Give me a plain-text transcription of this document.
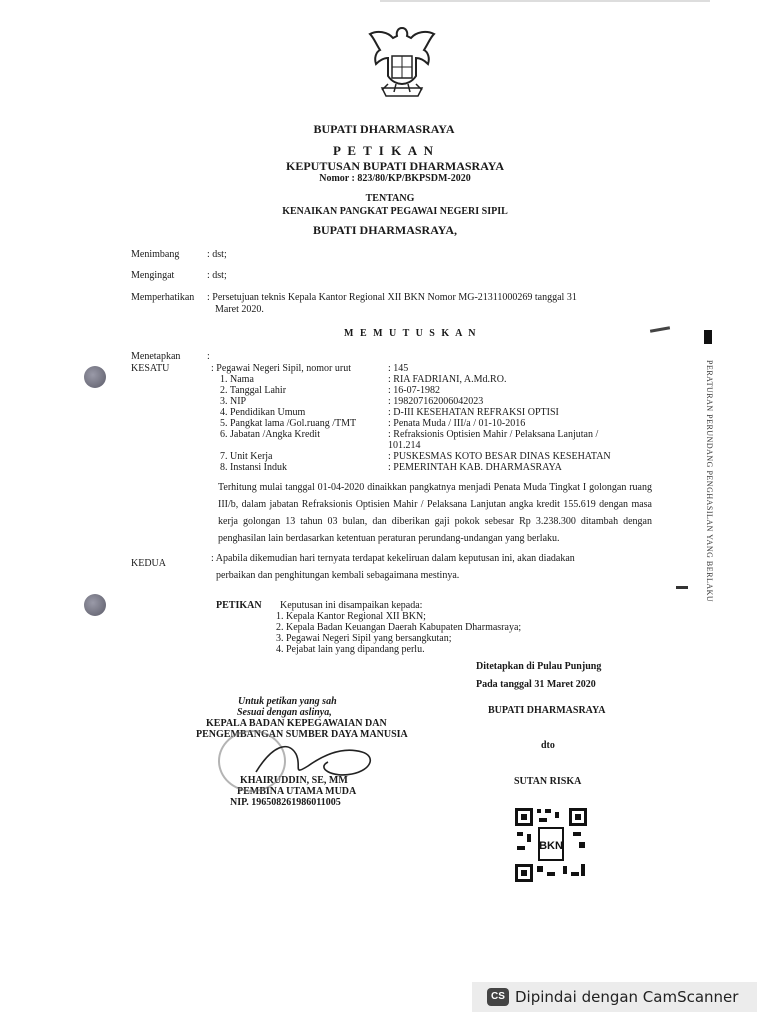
BUPATI DHARMASRAYA
P E T I K A N
KEPUTUSAN BUPATI DHARMASRAYA
Nomor : 823/80/KP/BKPSDM-2020
TENTANG
KENAIKAN PANGKAT PEGAWAI NEGERI SIPIL
BUPATI DHARMASRAYA,
Menimbang	: dst;
Mengingat	: dst;
Memperhatikan : Persetujuan teknis Kepala Kantor Regional XII BKN Nomor MG-21311000269 tanggal 31
Maret 2020.
M E M U T U S K A N
Menetapkan	:
KESATU	: Pegawai Negeri Sipil, nomor urut	: 145
1. Nama	: RIA FADRIANI, A.Md.RO.
2. Tanggal Lahir	: 16-07-1982
3. NIP	: 198207162006042023
4. Pendidikan Umum	: D-III KESEHATAN REFRAKSI OPTISI
5. Pangkat lama /Gol.ruang /TMT	: Penata Muda / III/a / 01-10-2016
6. Jabatan /Angka Kredit	: Refraksionis Optisien Mahir / Pelaksana Lanjutan /
101.214
7. Unit Kerja	: PUSKESMAS KOTO BESAR DINAS KESEHATAN
8. Instansi Induk	: PEMERINTAH KAB. DHARMASRAYA
Terhitung mulai tanggal 01-04-2020 dinaikkan pangkatnya menjadi Penata Muda Tingkat I golongan ruang III/b, dalam jabatan Refraksionis Optisien Mahir / Pelaksana Lanjutan angka kredit 155.619 dengan masa kerja golongan 13 tahun 03 bulan, dan diberikan gaji pokok sebesar Rp 3.238.300 ditambah dengan penghasilan lain berdasarkan ketentuan peraturan perundang-undangan yang berlaku.
KEDUA	: Apabila dikemudian hari ternyata terdapat kekeliruan dalam keputusan ini, akan diadakan
perbaikan dan penghitungan kembali sebagaimana mestinya.
PETIKAN Keputusan ini disampaikan kepada:
1. Kepala Kantor Regional XII BKN;
2. Kepala Badan Keuangan Daerah Kabupaten Dharmasraya;
3. Pegawai Negeri Sipil yang bersangkutan;
4. Pejabat lain yang dipandang perlu.
Ditetapkan di Pulau Punjung
Pada tanggal 31 Maret 2020
BUPATI DHARMASRAYA
dto
SUTAN RISKA
BKN
Untuk petikan yang sah
Sesuai dengan aslinya,
KEPALA BADAN KEPEGAWAIAN DAN
PENGEMBANGAN SUMBER DAYA MANUSIA
KHAIRUDDIN, SE, MM
PEMBINA UTAMA MUDA
NIP. 196508261986011005
PERATURAN PERUNDANG PENGHASILAN YANG BERLAKU
CS Dipindai dengan CamScanner
